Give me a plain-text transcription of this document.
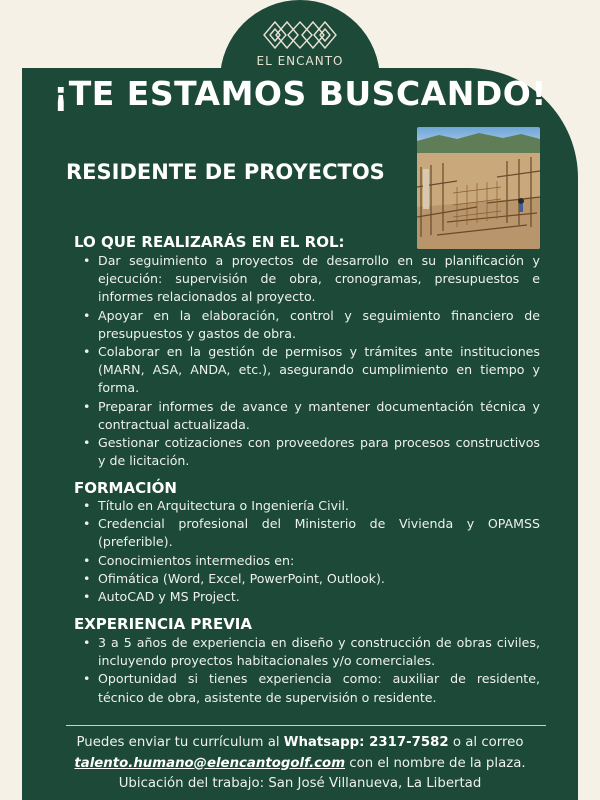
EL ENCANTO
¡TE ESTAMOS BUSCANDO!
RESIDENTE DE PROYECTOS
LO QUE REALIZARÁS EN EL ROL:
• Dar seguimiento a proyectos de desarrollo en su planificación y ejecución: supervisión de obra, cronogramas, presupuestos e informes relacionados al proyecto.
• Apoyar en la elaboración, control y seguimiento financiero de presupuestos y gastos de obra.
• Colaborar en la gestión de permisos y trámites ante instituciones (MARN, ASA, ANDA, etc.), asegurando cumplimiento en tiempo y forma.
• Preparar informes de avance y mantener documentación técnica y contractual actualizada.
• Gestionar cotizaciones con proveedores para procesos constructivos y de licitación.
FORMACIÓN
• Título en Arquitectura o Ingeniería Civil.
• Credencial profesional del Ministerio de Vivienda y OPAMSS (preferible).
• Conocimientos intermedios en:
• Ofimática (Word, Excel, PowerPoint, Outlook).
• AutoCAD y MS Project.
EXPERIENCIA PREVIA
• 3 a 5 años de experiencia en diseño y construcción de obras civiles, incluyendo proyectos habitacionales y/o comerciales.
• Oportunidad si tienes experiencia como: auxiliar de residente, técnico de obra, asistente de supervisión o residente.
Puedes enviar tu currículum al Whatsapp: 2317-7582 o al correo
talento.humano@elencantogolf.com con el nombre de la plaza.
Ubicación del trabajo: San José Villanueva, La Libertad
